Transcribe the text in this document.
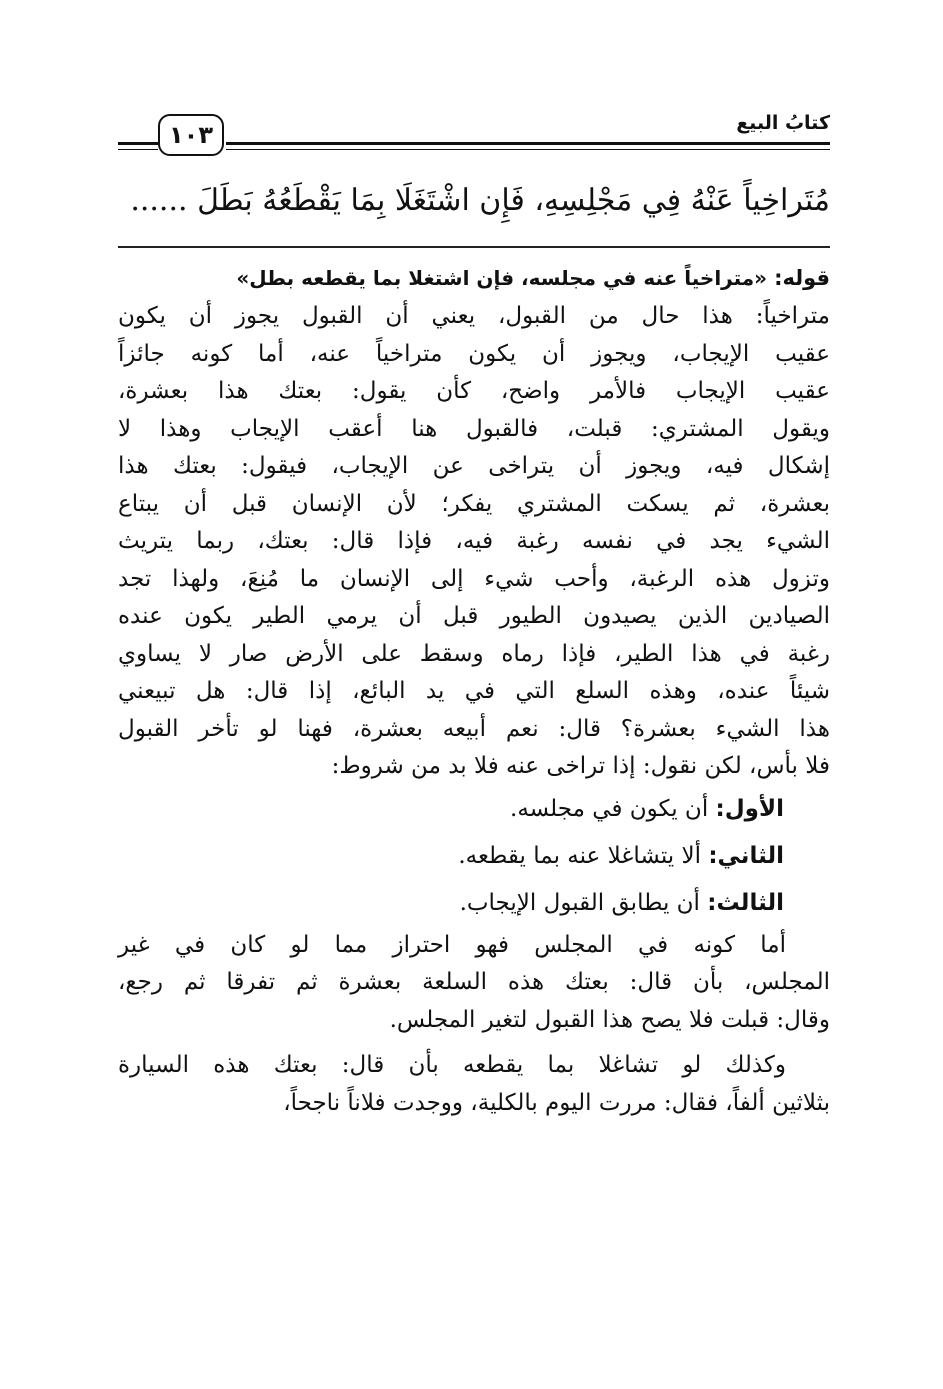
١٠٣	كتابُ البيع
مُتَراخِياً عَنْهُ فِي مَجْلِسِهِ، فَإِن اشْتَغَلَا بِمَا يَقْطَعُهُ بَطَلَ ......
قوله: «متراخياً عنه في مجلسه، فإن اشتغلا بما يقطعه بطل»
متراخياً: هذا حال من القبول، يعني أن القبول يجوز أن يكون
عقيب الإيجاب، ويجوز أن يكون متراخياً عنه، أما كونه جائزاً
عقيب الإيجاب فالأمر واضح، كأن يقول: بعتك هذا بعشرة،
ويقول المشتري: قبلت، فالقبول هنا أعقب الإيجاب وهذا لا
إشكال فيه، ويجوز أن يتراخى عن الإيجاب، فيقول: بعتك هذا
بعشرة، ثم يسكت المشتري يفكر؛ لأن الإنسان قبل أن يبتاع
الشيء يجد في نفسه رغبة فيه، فإذا قال: بعتك، ربما يتريث
وتزول هذه الرغبة، وأحب شيء إلى الإنسان ما مُنِعَ، ولهذا تجد
الصيادين الذين يصيدون الطيور قبل أن يرمي الطير يكون عنده
رغبة في هذا الطير، فإذا رماه وسقط على الأرض صار لا يساوي
شيئاً عنده، وهذه السلع التي في يد البائع، إذا قال: هل تبيعني
هذا الشيء بعشرة؟ قال: نعم أبيعه بعشرة، فهنا لو تأخر القبول
فلا بأس، لكن نقول: إذا تراخى عنه فلا بد من شروط:
الأول: أن يكون في مجلسه.
الثاني: ألا يتشاغلا عنه بما يقطعه.
الثالث: أن يطابق القبول الإيجاب.
أما كونه في المجلس فهو احتراز مما لو كان في غير
المجلس، بأن قال: بعتك هذه السلعة بعشرة ثم تفرقا ثم رجع،
وقال: قبلت فلا يصح هذا القبول لتغير المجلس.
وكذلك لو تشاغلا بما يقطعه بأن قال: بعتك هذه السيارة
بثلاثين ألفاً، فقال: مررت اليوم بالكلية، ووجدت فلاناً ناجحاً،
